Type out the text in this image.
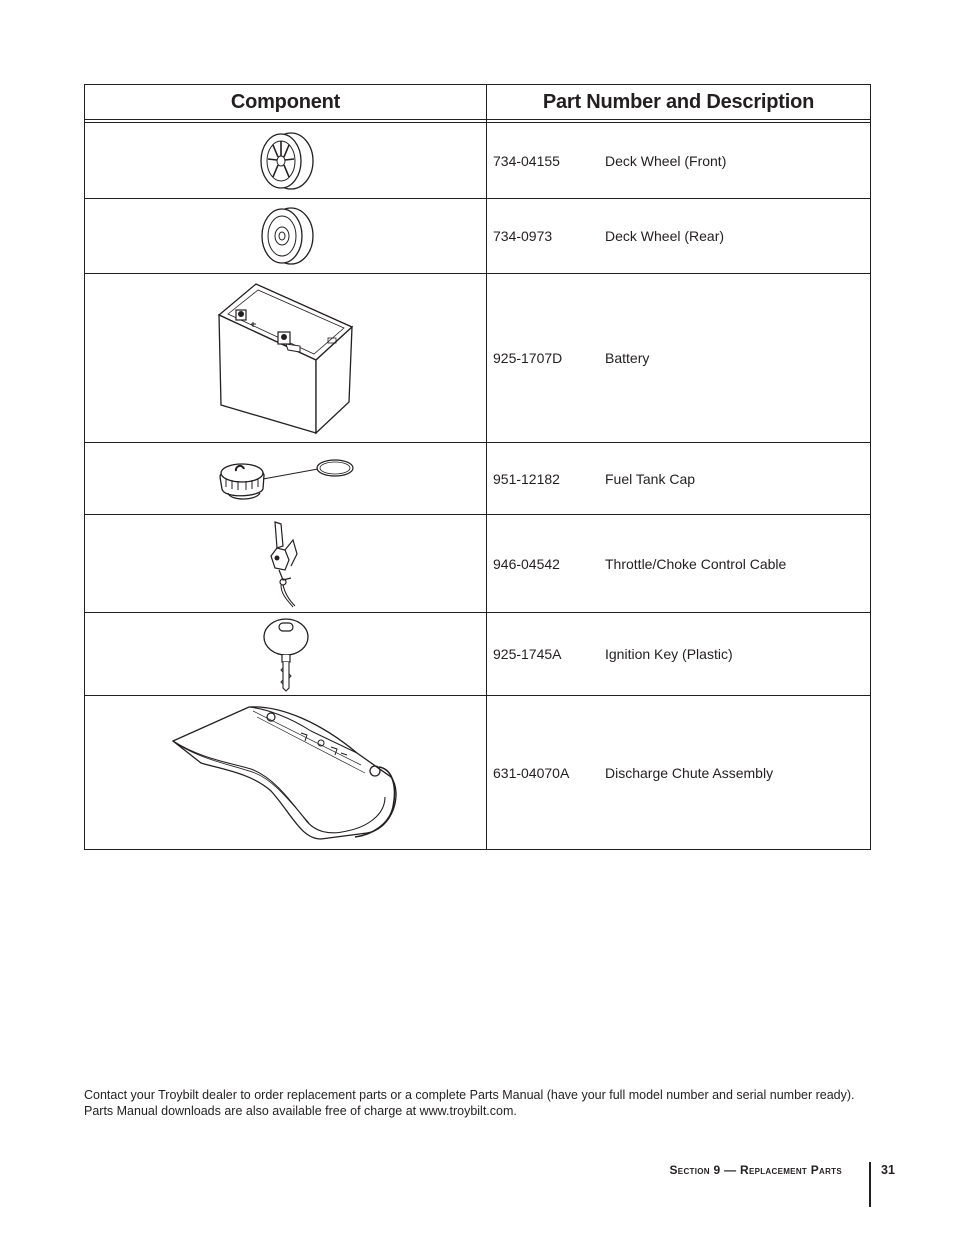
Component	Part Number and Description

	734-04155 Deck Wheel (Front)

	734-0973 Deck Wheel (Rear)

	925-1707D Battery

	951-12182 Fuel Tank Cap

	946-04542 Throttle/Choke Control Cable

	925-1745A Ignition Key (Plastic)

	631-04070A Discharge Chute Assembly
Contact your Troybilt dealer to order replacement parts or a complete Parts Manual (have your full model number and serial number ready). Parts Manual downloads are also available free of charge at www.troybilt.com.
Section 9 — Replacement Parts	31
